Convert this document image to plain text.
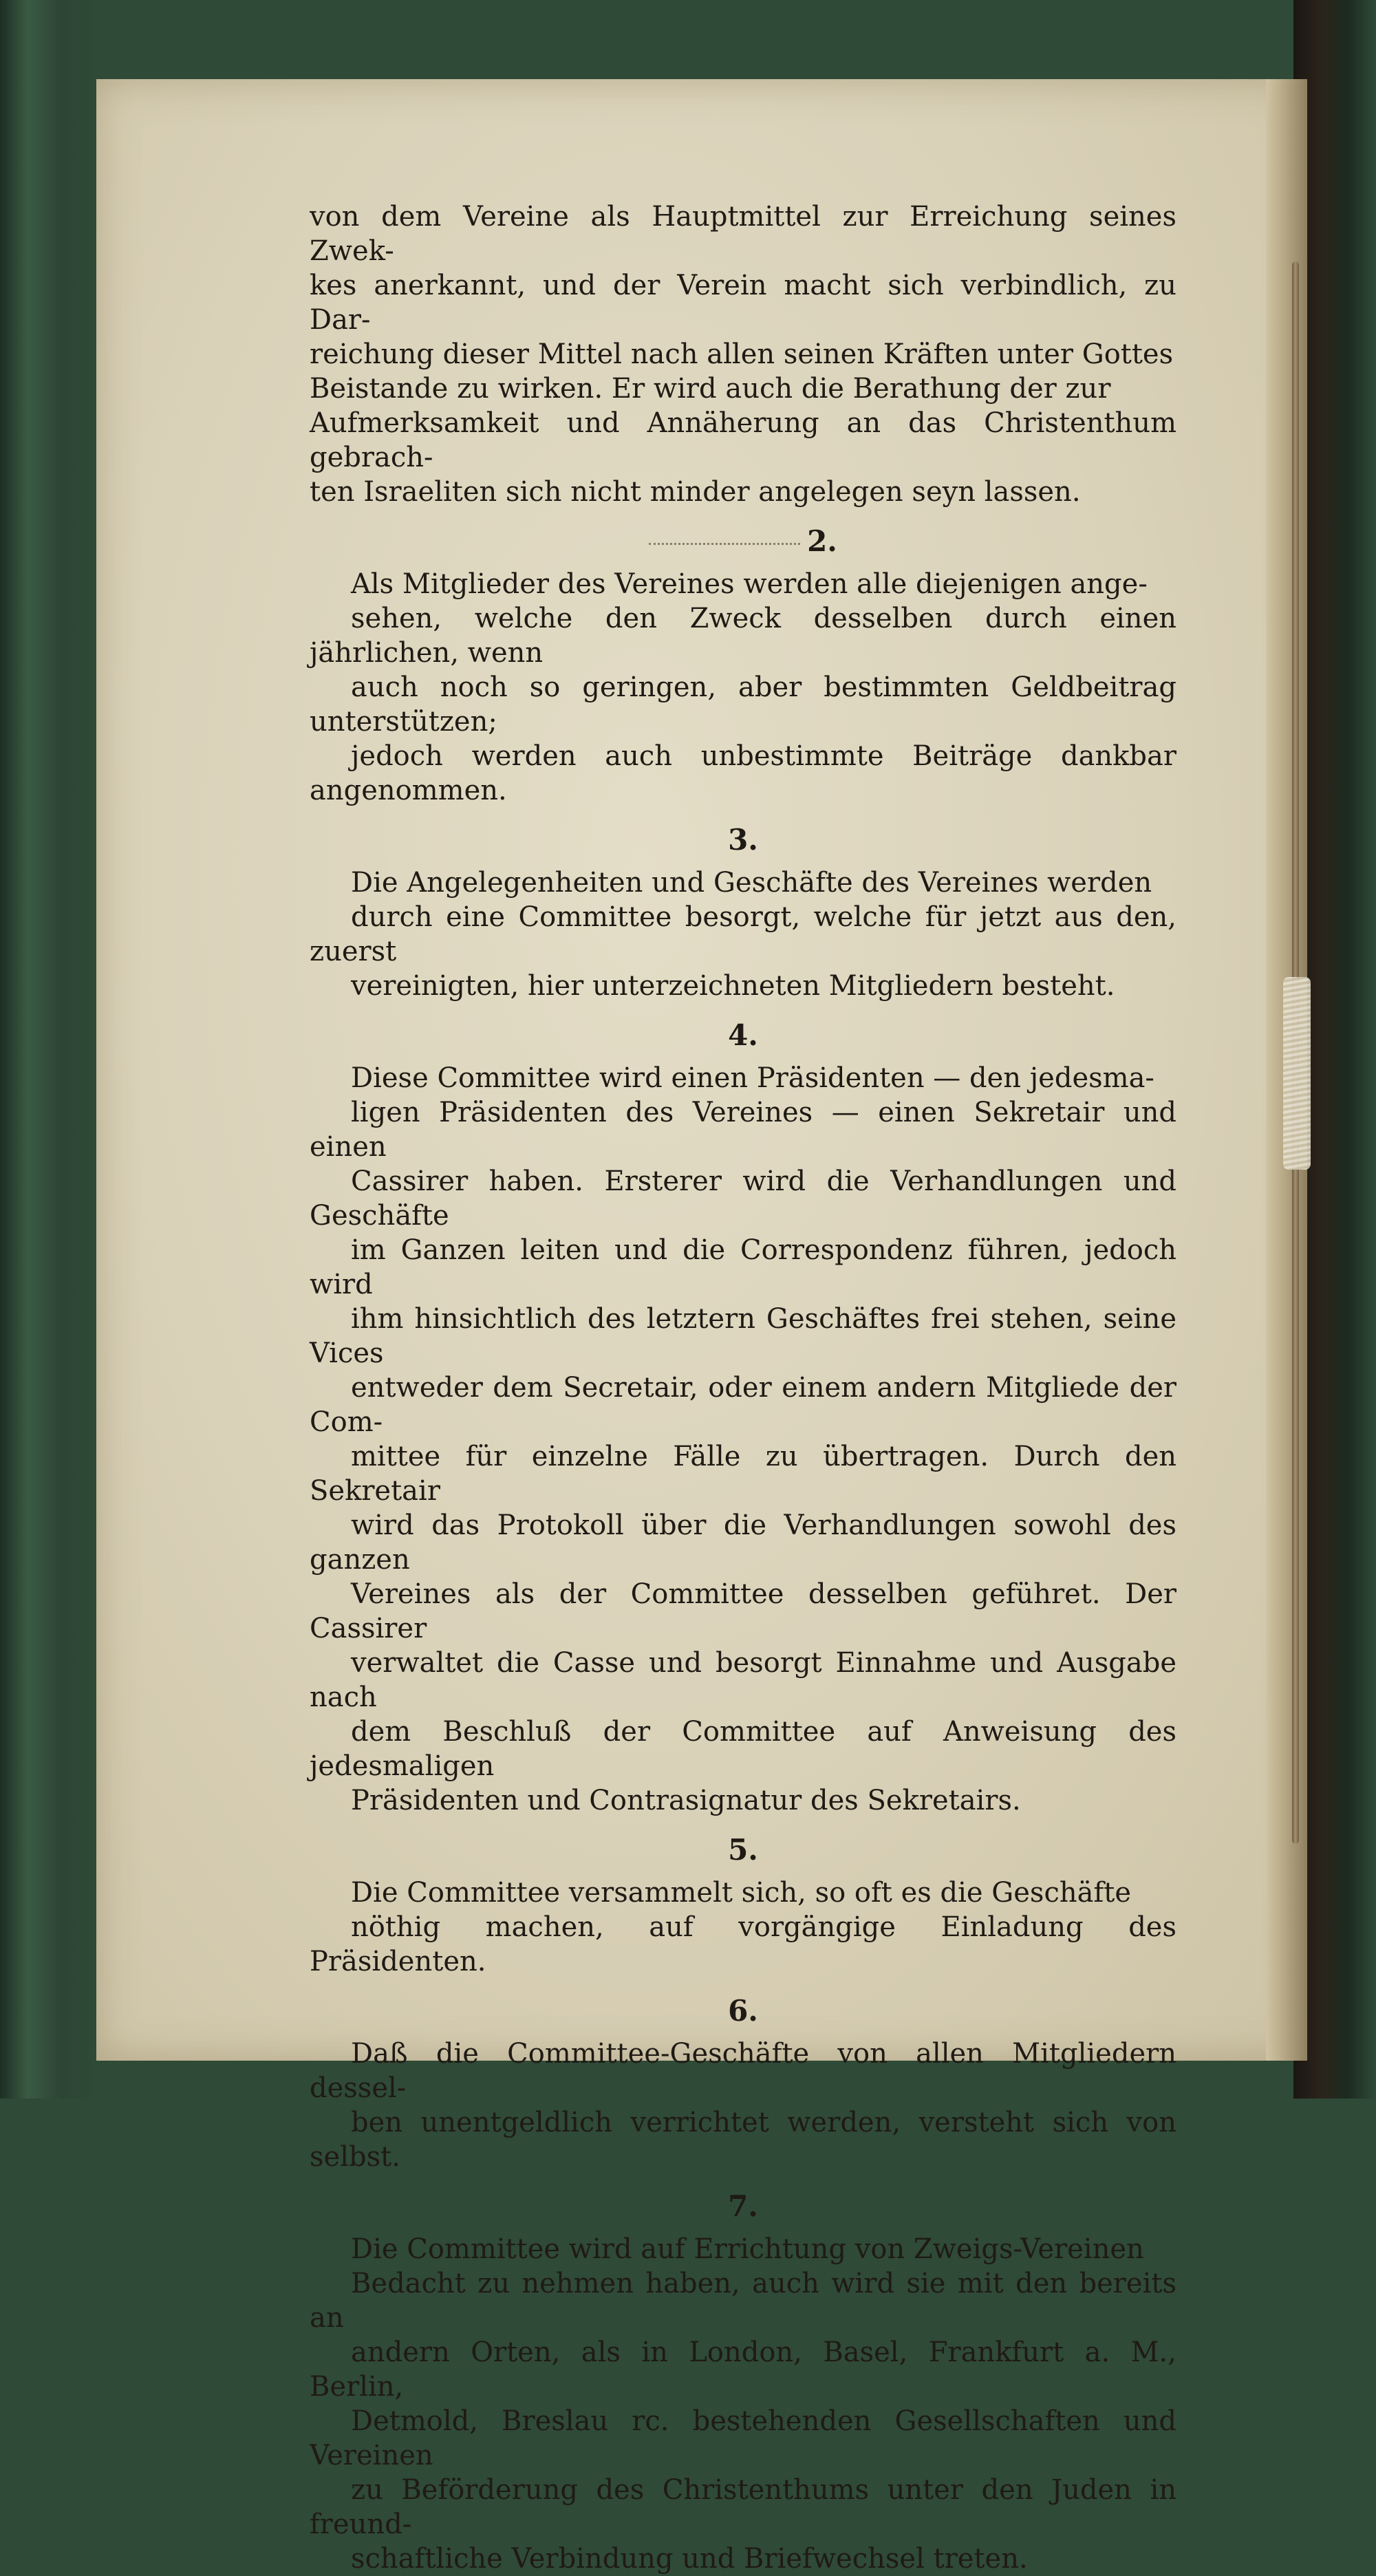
von dem Vereine als Hauptmittel zur Erreichung seines Zwek-
kes anerkannt, und der Verein macht sich verbindlich, zu Dar-
reichung dieser Mittel nach allen seinen Kräften unter Gottes
Beistande zu wirken. Er wird auch die Berathung der zur
Aufmerksamkeit und Annäherung an das Christenthum gebrach-
ten Israeliten sich nicht minder angelegen seyn lassen.
2.
Als Mitglieder des Vereines werden alle diejenigen ange-
sehen, welche den Zweck desselben durch einen jährlichen, wenn
auch noch so geringen, aber bestimmten Geldbeitrag unterstützen;
jedoch werden auch unbestimmte Beiträge dankbar angenommen.
3.
Die Angelegenheiten und Geschäfte des Vereines werden
durch eine Committee besorgt, welche für jetzt aus den, zuerst
vereinigten, hier unterzeichneten Mitgliedern besteht.
4.
Diese Committee wird einen Präsidenten — den jedesma-
ligen Präsidenten des Vereines — einen Sekretair und einen
Cassirer haben. Ersterer wird die Verhandlungen und Geschäfte
im Ganzen leiten und die Correspondenz führen, jedoch wird
ihm hinsichtlich des letztern Geschäftes frei stehen, seine Vices
entweder dem Secretair, oder einem andern Mitgliede der Com-
mittee für einzelne Fälle zu übertragen. Durch den Sekretair
wird das Protokoll über die Verhandlungen sowohl des ganzen
Vereines als der Committee desselben geführet. Der Cassirer
verwaltet die Casse und besorgt Einnahme und Ausgabe nach
dem Beschluß der Committee auf Anweisung des jedesmaligen
Präsidenten und Contrasignatur des Sekretairs.
5.
Die Committee versammelt sich, so oft es die Geschäfte
nöthig machen, auf vorgängige Einladung des Präsidenten.
6.
Daß die Committee-Geschäfte von allen Mitgliedern dessel-
ben unentgeldlich verrichtet werden, versteht sich von selbst.
7.
Die Committee wird auf Errichtung von Zweigs-Vereinen
Bedacht zu nehmen haben, auch wird sie mit den bereits an
andern Orten, als in London, Basel, Frankfurt a. M., Berlin,
Detmold, Breslau rc. bestehenden Gesellschaften und Vereinen
zu Beförderung des Christenthums unter den Juden in freund-
schaftliche Verbindung und Briefwechsel treten.
